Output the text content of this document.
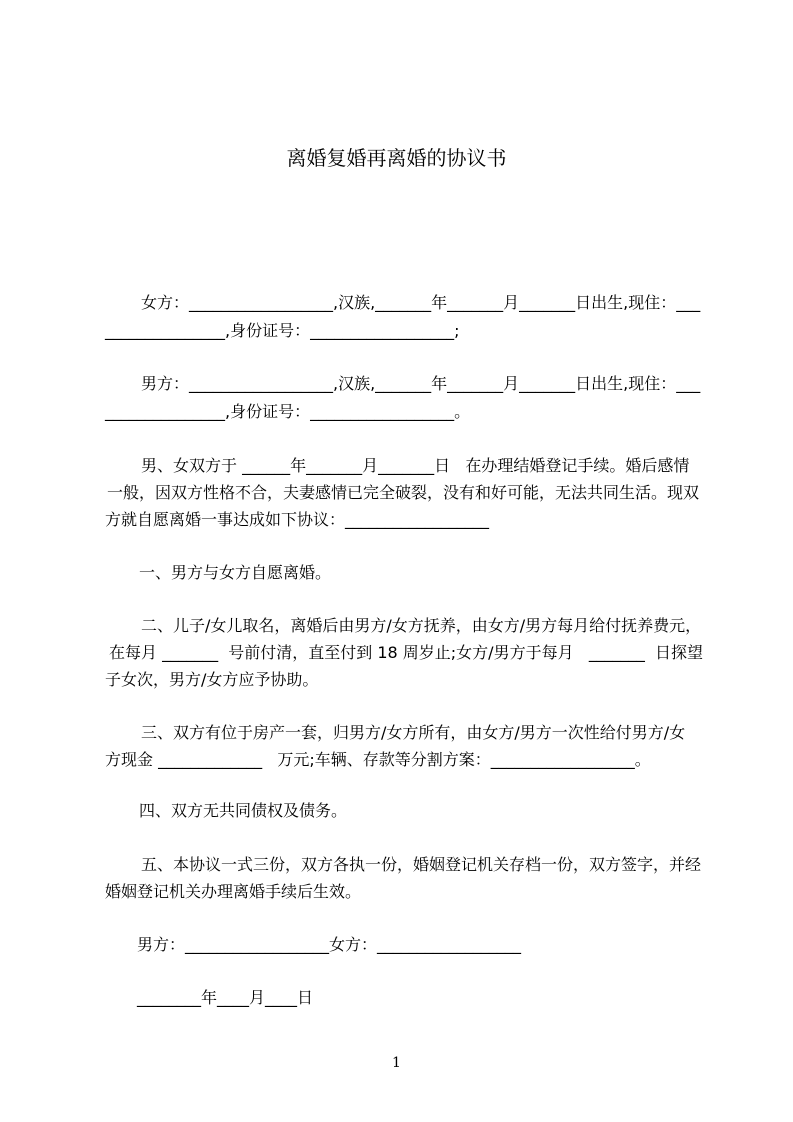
离婚复婚再离婚的协议书
女方：__________________,汉族,_______年_______月_______日出生,现住：___
_______________,身份证号：__________________;
男方：__________________,汉族,_______年_______月_______日出生,现住：___
_______________,身份证号：__________________。
男、女双方于 ______年_______月_______日   在办理结婚登记手续。婚后感情
一般，因双方性格不合，夫妻感情已完全破裂，没有和好可能，无法共同生活。现双
方就自愿离婚一事达成如下协议：__________________
一、男方与女方自愿离婚。
二、儿子/女儿取名，离婚后由男方/女方抚养，由女方/男方每月给付抚养费元，
在每月 _______  号前付清，直至付到 18 周岁止;女方/男方于每月   _______  日探望
子女次，男方/女方应予协助。
三、双方有位于房产一套，归男方/女方所有，由女方/男方一次性给付男方/女
方现金 _____________   万元;车辆、存款等分割方案：__________________。
四、双方无共同债权及债务。
五、本协议一式三份，双方各执一份，婚姻登记机关存档一份，双方签字，并经
婚姻登记机关办理离婚手续后生效。
男方：__________________女方：__________________
________年____月____日
1
